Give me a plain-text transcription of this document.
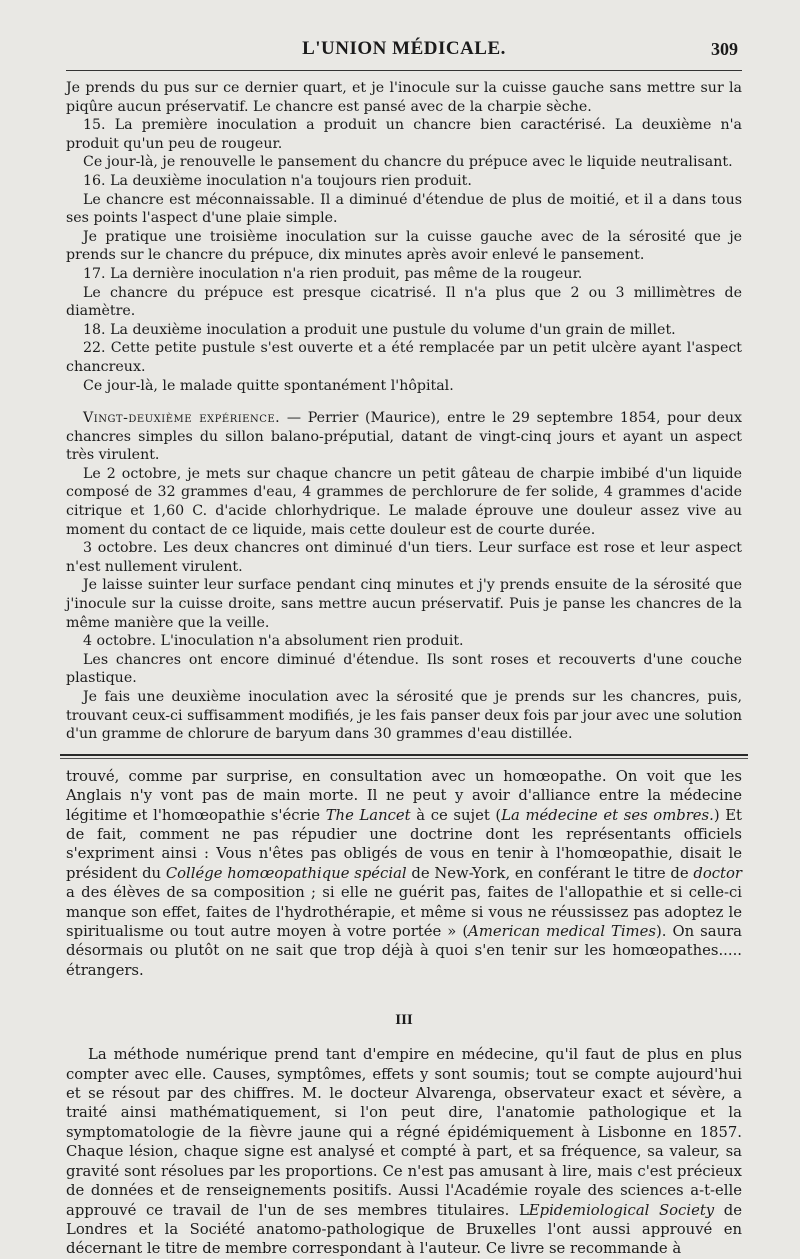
L'UNION MÉDICALE.	309

Je prends du pus sur ce dernier quart, et je l'inocule sur la cuisse gauche sans mettre sur la piqûre aucun préservatif. Le chancre est pansé avec de la charpie sèche.

15. La première inoculation a produit un chancre bien caractérisé. La deuxième n'a produit qu'un peu de rougeur.

Ce jour-là, je renouvelle le pansement du chancre du prépuce avec le liquide neutralisant.

16. La deuxième inoculation n'a toujours rien produit.

Le chancre est méconnaissable. Il a diminué d'étendue de plus de moitié, et il a dans tous ses points l'aspect d'une plaie simple.

Je pratique une troisième inoculation sur la cuisse gauche avec de la sérosité que je prends sur le chancre du prépuce, dix minutes après avoir enlevé le pansement.

17. La dernière inoculation n'a rien produit, pas même de la rougeur.

Le chancre du prépuce est presque cicatrisé. Il n'a plus que 2 ou 3 millimètres de diamètre.

18. La deuxième inoculation a produit une pustule du volume d'un grain de millet.

22. Cette petite pustule s'est ouverte et a été remplacée par un petit ulcère ayant l'aspect chancreux.

Ce jour-là, le malade quitte spontanément l'hôpital.

Vingt-deuxième expérience. — Perrier (Maurice), entre le 29 septembre 1854, pour deux chancres simples du sillon balano-préputial, datant de vingt-cinq jours et ayant un aspect très virulent.

Le 2 octobre, je mets sur chaque chancre un petit gâteau de charpie imbibé d'un liquide composé de 32 grammes d'eau, 4 grammes de perchlorure de fer solide, 4 grammes d'acide citrique et 1,60 C. d'acide chlorhydrique. Le malade éprouve une douleur assez vive au moment du contact de ce liquide, mais cette douleur est de courte durée.

3 octobre. Les deux chancres ont diminué d'un tiers. Leur surface est rose et leur aspect n'est nullement virulent.

Je laisse suinter leur surface pendant cinq minutes et j'y prends ensuite de la sérosité que j'inocule sur la cuisse droite, sans mettre aucun préservatif. Puis je panse les chancres de la même manière que la veille.

4 octobre. L'inoculation n'a absolument rien produit.

Les chancres ont encore diminué d'étendue. Ils sont roses et recouverts d'une couche plastique.

Je fais une deuxième inoculation avec la sérosité que je prends sur les chancres, puis, trouvant ceux-ci suffisamment modifiés, je les fais panser deux fois par jour avec une solution d'un gramme de chlorure de baryum dans 30 grammes d'eau distillée.

trouvé, comme par surprise, en consultation avec un homœopathe. On voit que les Anglais n'y vont pas de main morte. Il ne peut y avoir d'alliance entre la médecine légitime et l'homœopathie s'écrie The Lancet à ce sujet (La médecine et ses ombres.) Et de fait, comment ne pas répudier une doctrine dont les représentants officiels s'expriment ainsi : Vous n'êtes pas obligés de vous en tenir à l'homœopathie, disait le président du Collége homœopathique spécial de New-York, en conférant le titre de doctor a des élèves de sa composition ; si elle ne guérit pas, faites de l'allopathie et si celle-ci manque son effet, faites de l'hydrothérapie, et même si vous ne réussissez pas adoptez le spiritualisme ou tout autre moyen à votre portée » (American medical Times). On saura désormais ou plutôt on ne sait que trop déjà à quoi s'en tenir sur les homœopathes..... étrangers.

III

La méthode numérique prend tant d'empire en médecine, qu'il faut de plus en plus compter avec elle. Causes, symptômes, effets y sont soumis; tout se compte aujourd'hui et se résout par des chiffres. M. le docteur Alvarenga, observateur exact et sévère, a traité ainsi mathématiquement, si l'on peut dire, l'anatomie pathologique et la symptomatologie de la fièvre jaune qui a régné épidémiquement à Lisbonne en 1857. Chaque lésion, chaque signe est analysé et compté à part, et sa fréquence, sa valeur, sa gravité sont résolues par les proportions. Ce n'est pas amusant à lire, mais c'est précieux de données et de renseignements positifs. Aussi l'Académie royale des sciences a-t-elle approuvé ce travail de l'un de ses membres titulaires. LEpidemiological Society de Londres et la Société anatomo-pathologique de Bruxelles l'ont aussi approuvé en décernant le titre de membre correspondant à l'auteur. Ce livre se recommande à
